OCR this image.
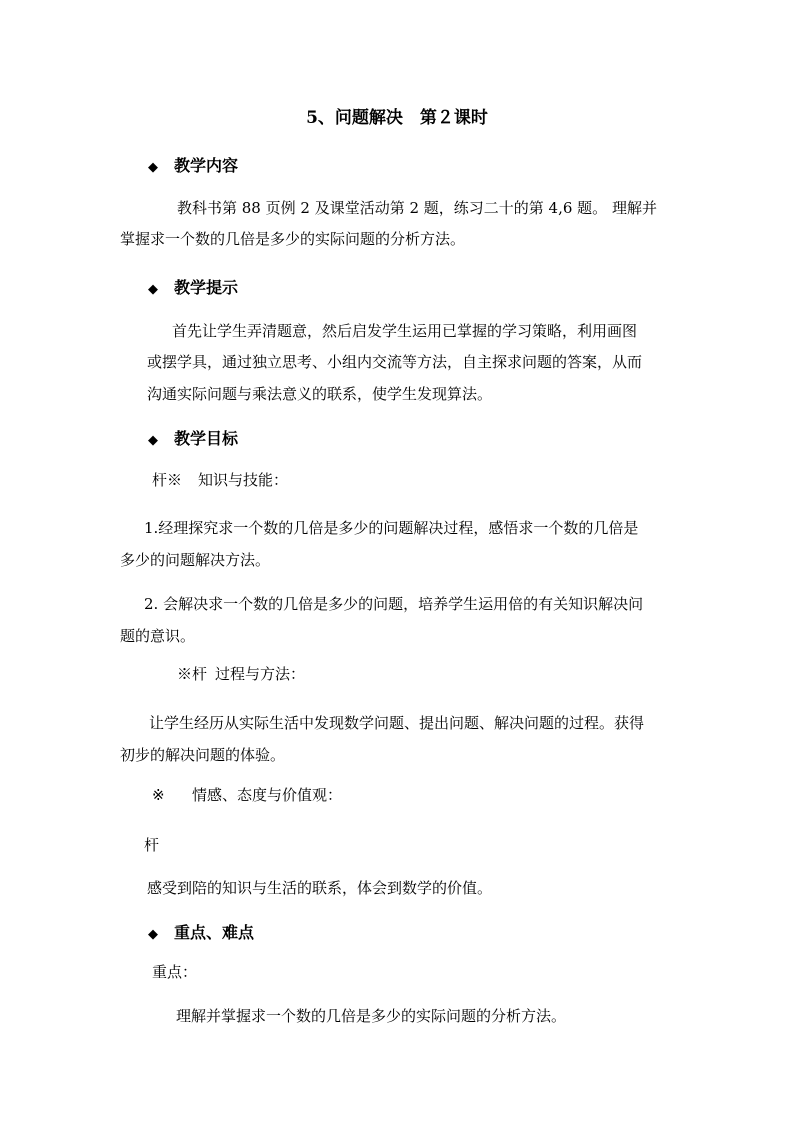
5、问题解决　第２课时
◆ 教学内容
教科书第 88 页例 2 及课堂活动第 2 题，练习二十的第 4,6 题。 理解并
掌握求一个数的几倍是多少的实际问题的分析方法。
◆ 教学提示
首先让学生弄清题意，然后启发学生运用已掌握的学习策略，利用画图
或摆学具，通过独立思考、小组内交流等方法，自主探求问题的答案，从而
沟通实际问题与乘法意义的联系，使学生发现算法。
◆ 教学目标
杆※ 知识与技能：
1.经理探究求一个数的几倍是多少的问题解决过程，感悟求一个数的几倍是
多少的问题解决方法。
2. 会解决求一个数的几倍是多少的问题，培养学生运用倍的有关知识解决问
题的意识。
※杆 过程与方法：
让学生经历从实际生活中发现数学问题、提出问题、解决问题的过程。获得
初步的解决问题的体验。
※ 情感、态度与价值观：
杆
感受到陪的知识与生活的联系，体会到数学的价值。
◆ 重点、难点
重点：
理解并掌握求一个数的几倍是多少的实际问题的分析方法。
